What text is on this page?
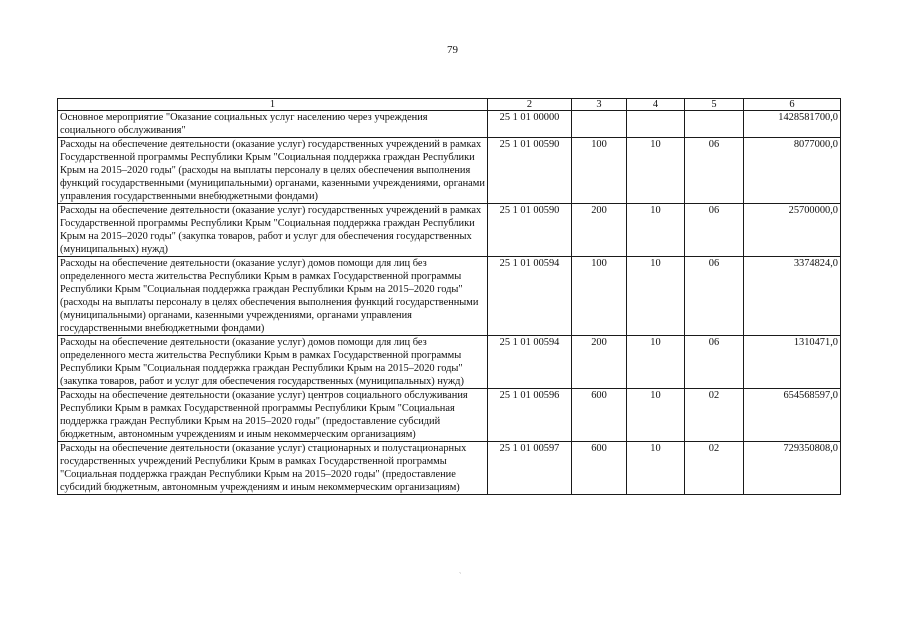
79
1	2	3	4	5	6
Основное мероприятие "Оказание социальных услуг населению через учреждения социального обслуживания"	25 1 01 00000				1428581700,0
Расходы на обеспечение деятельности (оказание услуг) государственных учреждений в рамках Государственной программы Республики Крым "Социальная поддержка граждан Республики Крым на 2015–2020 годы" (расходы на выплаты персоналу в целях обеспечения выполнения функций государственными (муниципальными) органами, казенными учреждениями, органами управления государственными внебюджетными фондами)	25 1 01 00590	100	10	06	8077000,0
Расходы на обеспечение деятельности (оказание услуг) государственных учреждений в рамках Государственной программы Республики Крым "Социальная поддержка граждан Республики Крым на 2015–2020 годы" (закупка товаров, работ и услуг для обеспечения государственных (муниципальных) нужд)	25 1 01 00590	200	10	06	25700000,0
Расходы на обеспечение деятельности (оказание услуг) домов помощи для лиц без определенного места жительства Республики Крым в рамках Государственной программы Республики Крым "Социальная поддержка граждан Республики Крым на 2015–2020 годы" (расходы на выплаты персоналу в целях обеспечения выполнения функций государственными (муниципальными) органами, казенными учреждениями, органами управления государственными внебюджетными фондами)	25 1 01 00594	100	10	06	3374824,0
Расходы на обеспечение деятельности (оказание услуг) домов помощи для лиц без определенного места жительства Республики Крым в рамках Государственной программы Республики Крым "Социальная поддержка граждан Республики Крым на 2015–2020 годы" (закупка товаров, работ и услуг для обеспечения государственных (муниципальных) нужд)	25 1 01 00594	200	10	06	1310471,0
Расходы на обеспечение деятельности (оказание услуг) центров социального обслуживания Республики Крым в рамках Государственной программы Республики Крым "Социальная поддержка граждан Республики Крым на 2015–2020 годы" (предоставление субсидий бюджетным, автономным учреждениям и иным некоммерческим организациям)	25 1 01 00596	600	10	02	654568597,0
Расходы на обеспечение деятельности (оказание услуг) стационарных и полустационарных государственных учреждений Республики Крым в рамках Государственной программы "Социальная поддержка граждан Республики Крым на 2015–2020 годы" (предоставление субсидий бюджетным, автономным учреждениям и иным некоммерческим организациям)	25 1 01 00597	600	10	02	729350808,0
˴
